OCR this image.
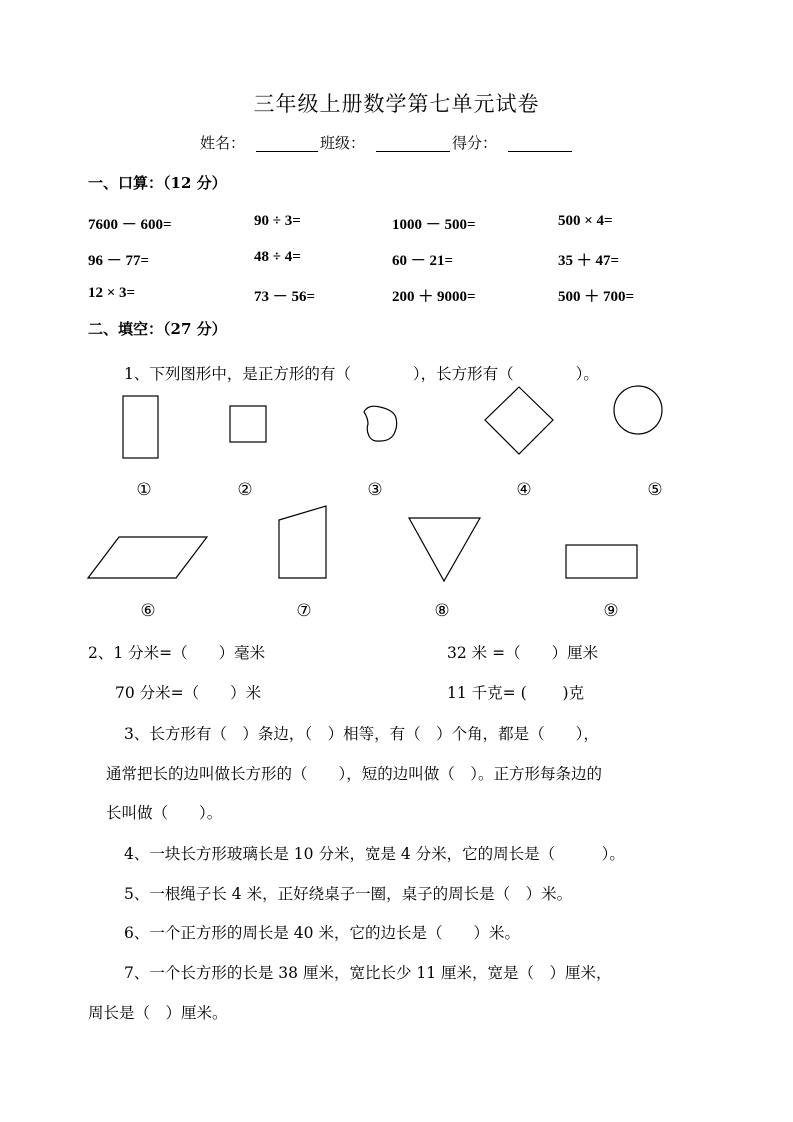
三年级上册数学第七单元试卷
姓名：	班级：	得分：
一、口算：（12 分）
7600 － 600=	90 ÷ 3=	1000 － 500=	500 × 4=
96 － 77=	48 ÷ 4=	60 － 21=	35 ＋ 47=
12 × 3=	73 － 56=	200 ＋ 9000=	500 ＋ 700=
二、填空：（27 分）
1、下列图形中，是正方形的有（　　　　），长方形有（　　　　）。
①	②	③	④	⑤
⑥	⑦	⑧	⑨
2、1 分米=（　　）毫米	32 米 =（　　）厘米
70 分米=（　　）米	11 千克= (　　 )克
3、长方形有（　）条边，（　）相等，有（　）个角，都是（　　），
通常把长的边叫做长方形的（　　），短的边叫做（　）。正方形每条边的
长叫做（　　）。
4、一块长方形玻璃长是 10 分米，宽是 4 分米，它的周长是（　　　）。
5、一根绳子长 4 米，正好绕桌子一圈，桌子的周长是（　）米。
6、一个正方形的周长是 40 米，它的边长是（　　）米。
7、一个长方形的长是 38 厘米，宽比长少 11 厘米，宽是（　）厘米，
周长是（　）厘米。
